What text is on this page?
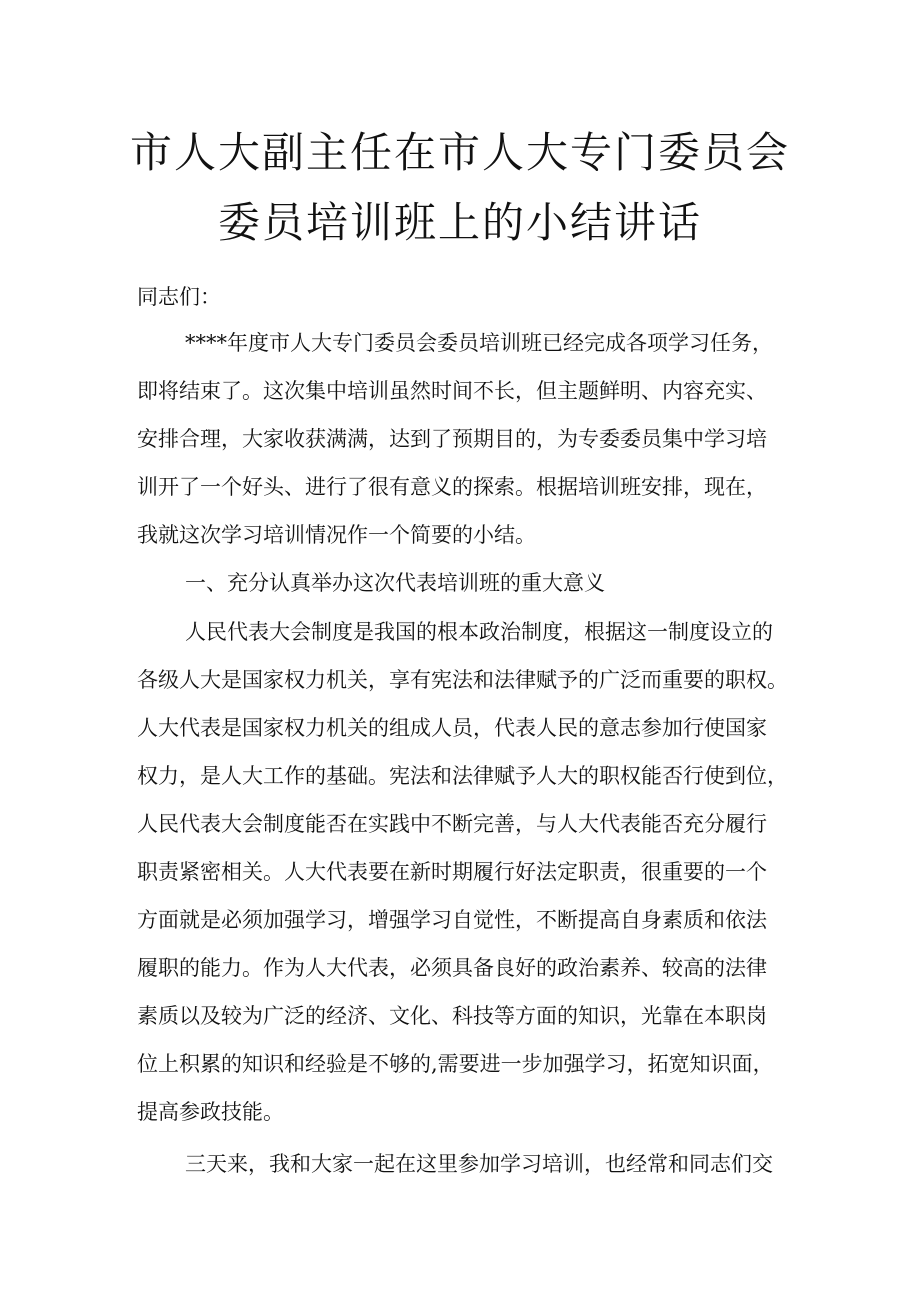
市人大副主任在市人大专门委员会
委员培训班上的小结讲话

同志们：

****年度市人大专门委员会委员培训班已经完成各项学习任务，

即将结束了。这次集中培训虽然时间不长，但主题鲜明、内容充实、

安排合理，大家收获满满，达到了预期目的，为专委委员集中学习培

训开了一个好头、进行了很有意义的探索。根据培训班安排，现在，

我就这次学习培训情况作一个简要的小结。

一、充分认真举办这次代表培训班的重大意义

人民代表大会制度是我国的根本政治制度，根据这一制度设立的

各级人大是国家权力机关，享有宪法和法律赋予的广泛而重要的职权。

人大代表是国家权力机关的组成人员，代表人民的意志参加行使国家

权力，是人大工作的基础。宪法和法律赋予人大的职权能否行使到位，

人民代表大会制度能否在实践中不断完善，与人大代表能否充分履行

职责紧密相关。人大代表要在新时期履行好法定职责，很重要的一个

方面就是必须加强学习，增强学习自觉性，不断提高自身素质和依法

履职的能力。作为人大代表，必须具备良好的政治素养、较高的法律

素质以及较为广泛的经济、文化、科技等方面的知识，光靠在本职岗

位上积累的知识和经验是不够的,需要进一步加强学习，拓宽知识面，

提高参政技能。

三天来，我和大家一起在这里参加学习培训，也经常和同志们交
